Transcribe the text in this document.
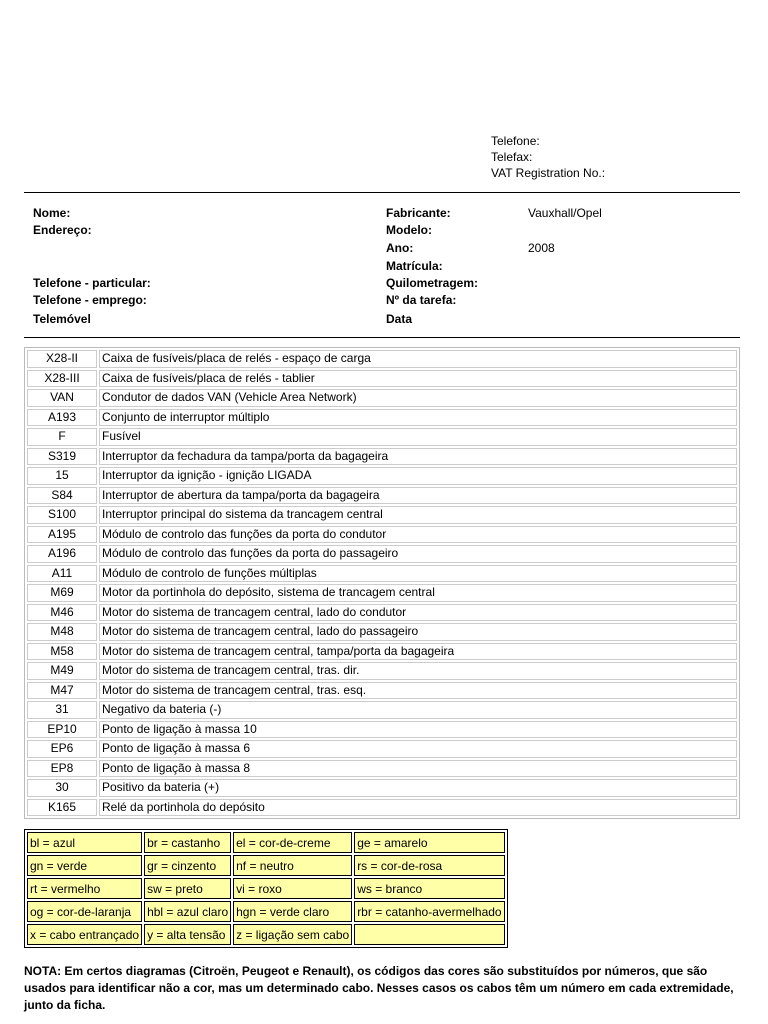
Telefone:
Telefax:
VAT Registration No.:
Nome:
Endereço:
Telefone - particular:
Telefone - emprego:
Telemóvel
Fabricante:	Vauxhall/Opel
Modelo:
Ano:	2008
Matrícula:
Quilometragem:
Nº da tarefa:
Data
X28-II	Caixa de fusíveis/placa de relés - espaço de carga
X28-III	Caixa de fusíveis/placa de relés - tablier
VAN	Condutor de dados VAN (Vehicle Area Network)
A193	Conjunto de interruptor múltiplo
F	Fusível
S319	Interruptor da fechadura da tampa/porta da bagageira
15	Interruptor da ignição - ignição LIGADA
S84	Interruptor de abertura da tampa/porta da bagageira
S100	Interruptor principal do sistema da trancagem central
A195	Módulo de controlo das funções da porta do condutor
A196	Módulo de controlo das funções da porta do passageiro
A11	Módulo de controlo de funções múltiplas
M69	Motor da portinhola do depósito, sistema de trancagem central
M46	Motor do sistema de trancagem central, lado do condutor
M48	Motor do sistema de trancagem central, lado do passageiro
M58	Motor do sistema de trancagem central, tampa/porta da bagageira
M49	Motor do sistema de trancagem central, tras. dir.
M47	Motor do sistema de trancagem central, tras. esq.
31	Negativo da bateria (-)
EP10	Ponto de ligação à massa 10
EP6	Ponto de ligação à massa 6
EP8	Ponto de ligação à massa 8
30	Positivo da bateria (+)
K165	Relé da portinhola do depósito
bl = azul	br = castanho	el = cor-de-creme	ge = amarelo
gn = verde	gr = cinzento	nf = neutro	rs = cor-de-rosa
rt = vermelho	sw = preto	vi = roxo	ws = branco
og = cor-de-laranja	hbl = azul claro	hgn = verde claro	rbr = catanho-avermelhado
x = cabo entrançado	y = alta tensão	z = ligação sem cabo	
NOTA: Em certos diagramas (Citroën, Peugeot e Renault), os códigos das cores são substituídos por números, que são usados para identificar não a cor, mas um determinado cabo. Nesses casos os cabos têm um número em cada extremidade, junto da ficha.
